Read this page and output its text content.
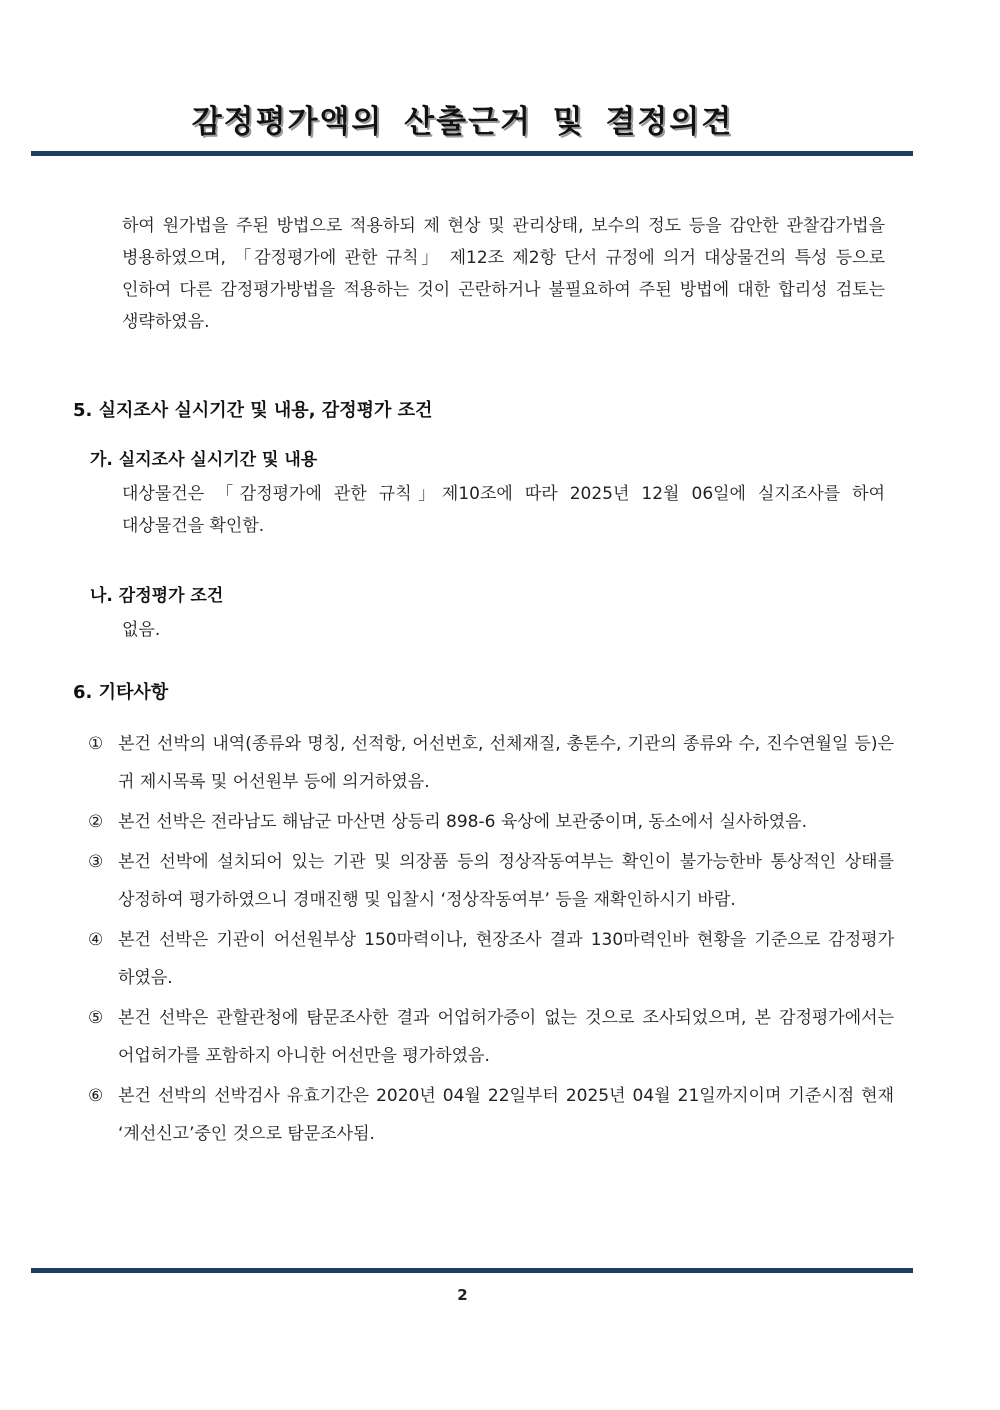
감정평가액의 산출근거 및 결정의견
하여 원가법을 주된 방법으로 적용하되 제 현상 및 관리상태, 보수의 정도 등을 감안한 관찰감가법을 병용하였으며, 「감정평가에 관한 규칙」 제12조 제2항 단서 규정에 의거 대상물건의 특성 등으로 인하여 다른 감정평가방법을 적용하는 것이 곤란하거나 불필요하여 주된 방법에 대한 합리성 검토는 생략하였음.
5. 실지조사 실시기간 및 내용, 감정평가 조건
가. 실지조사 실시기간 및 내용
대상물건은 「감정평가에 관한 규칙」제10조에 따라 2025년 12월 06일에 실지조사를 하여 대상물건을 확인함.
나. 감정평가 조건
없음.
6. 기타사항
① 본건 선박의 내역(종류와 명칭, 선적항, 어선번호, 선체재질, 총톤수, 기관의 종류와 수, 진수연월일 등)은 귀 제시목록 및 어선원부 등에 의거하였음.
② 본건 선박은 전라남도 해남군 마산면 상등리 898-6 육상에 보관중이며, 동소에서 실사하였음.
③ 본건 선박에 설치되어 있는 기관 및 의장품 등의 정상작동여부는 확인이 불가능한바 통상적인 상태를 상정하여 평가하였으니 경매진행 및 입찰시 ‘정상작동여부’ 등을 재확인하시기 바람.
④ 본건 선박은 기관이 어선원부상 150마력이나, 현장조사 결과 130마력인바 현황을 기준으로 감정평가 하였음.
⑤ 본건 선박은 관할관청에 탐문조사한 결과 어업허가증이 없는 것으로 조사되었으며, 본 감정평가에서는 어업허가를 포함하지 아니한 어선만을 평가하였음.
⑥ 본건 선박의 선박검사 유효기간은 2020년 04월 22일부터 2025년 04월 21일까지이며 기준시점 현재 ‘계선신고’중인 것으로 탐문조사됨.
2
